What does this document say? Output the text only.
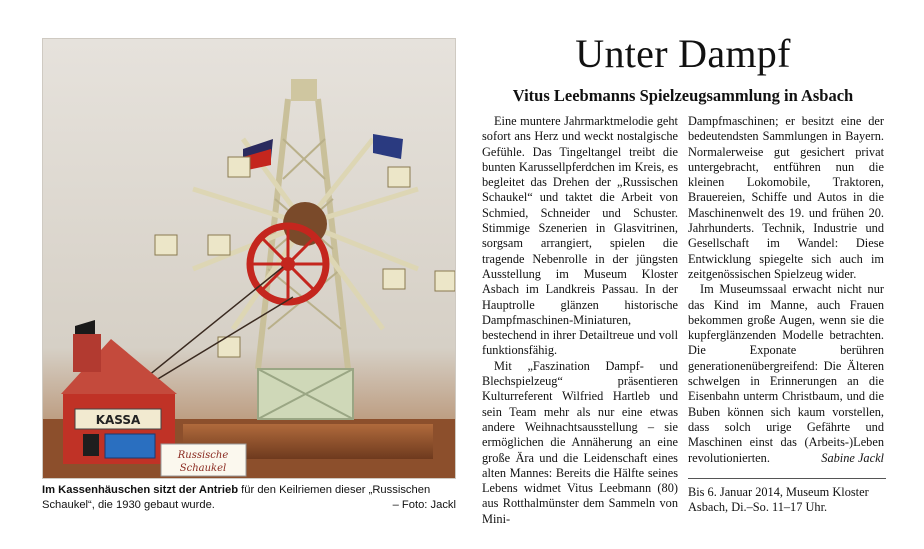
KASSA
Russische
Schaukel
Im Kassenhäuschen sitzt der Antrieb für den Keilriemen dieser „Russischen Schaukel“, die 1930 gebaut wurde.	– Foto: Jackl
Unter Dampf
Vitus Leebmanns Spielzeugsammlung in Asbach

Eine muntere Jahrmarktmelodie geht sofort ans Herz und weckt nostalgische Gefühle. Das Tingeltangel treibt die bunten Karussellpferdchen im Kreis, es begleitet das Drehen der „Russischen Schaukel“ und taktet die Arbeit von Schmied, Schneider und Schuster. Stimmige Szenerien in Glasvitrinen, sorgsam arrangiert, spielen die tragende Nebenrolle in der jüngsten Ausstellung im Museum Kloster Asbach im Landkreis Passau. In der Hauptrolle glänzen historische Dampfmaschinen-Miniaturen, bestechend in ihrer Detailtreue und voll funktionsfähig.

Mit „Faszination Dampf- und Blechspielzeug“ präsentieren Kulturreferent Wilfried Hartleb und sein Team mehr als nur eine etwas andere Weihnachtsausstellung – sie ermöglichen die Annäherung an eine große Ära und die Leidenschaft eines alten Mannes: Bereits die Hälfte seines Lebens widmet Vitus Leebmann (80) aus Rotthalmünster dem Sammeln von Mini-

Dampfmaschinen; er besitzt eine der bedeutendsten Sammlungen in Bayern. Normalerweise gut gesichert privat untergebracht, entführen nun die kleinen Lokomobile, Traktoren, Brauereien, Schiffe und Autos in die Maschinenwelt des 19. und frühen 20. Jahrhunderts. Technik, Industrie und Gesellschaft im Wandel: Diese Entwicklung spiegelte sich auch im zeitgenössischen Spielzeug wider.

Im Museumssaal erwacht nicht nur das Kind im Manne, auch Frauen bekommen große Augen, wenn sie die kupferglänzenden Modelle betrachten. Die Exponate berühren generationenübergreifend: Die Älteren schwelgen in Erinnerungen an die Eisenbahn unterm Christbaum, und die Buben können sich kaum vorstellen, dass solch urige Gefährte und Maschinen einst das (Arbeits-)Leben revolutionierten.	Sabine Jackl

Bis 6. Januar 2014, Museum Kloster Asbach, Di.–So. 11–17 Uhr.
